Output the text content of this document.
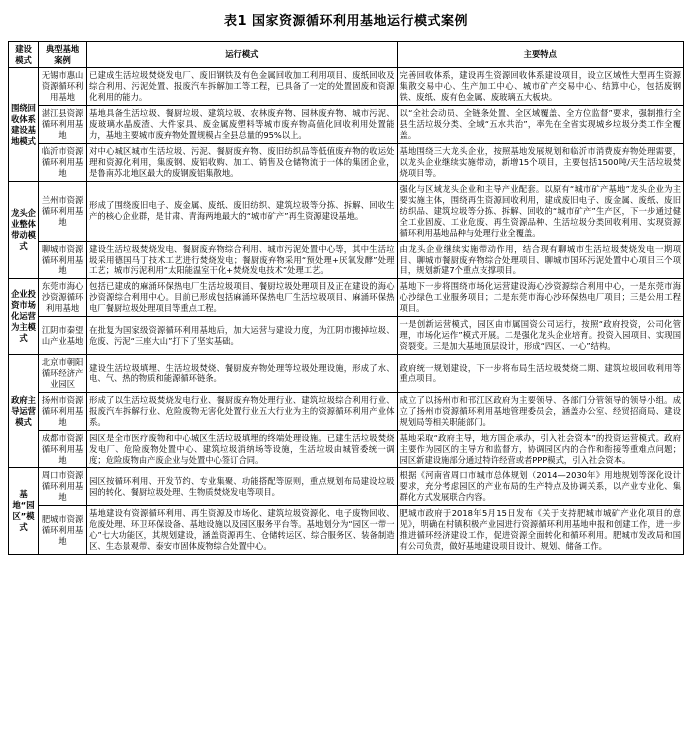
表1 国家资源循环利用基地运行模式案例
建设
模式	典型基地
案例	运行模式	主要特点
围绕回收体系建设基地模式	无锡市惠山资源循环利用基地	已建成生活垃圾焚烧发电厂、废旧钢铁及有色金属回收加工利用项目、废纸回收及综合利用、污泥处置、报废汽车拆解加工等工程，已具备了一定的处置固废和资源化利用的能力。	完善回收体系，建设再生资源回收体系建设项目，设立区域性大型再生资源集散交易中心、生产加工中心、城市矿产交易中心、结算中心，包括废钢铁、废纸、废有色金属、废玻璃五大板块。
	湛江县资源循环利用基地	基地具备生活垃圾、餐厨垃圾、建筑垃圾、农林废弃物、园林废弃物、城市污泥、废玻璃水晶废渣、大件家具、废金属废塑料等城市废弃物高值化回收利用处置能力，基地主要城市废弃物处置规模占全县总量的95%以上。	以“全社会动员、全链条处置、全区域覆盖、全方位监督”要求，强制推行全县生活垃圾分类、全域“五水共治”，率先在全省实现城乡垃圾分类工作全覆盖。
	临沂市资源循环利用基地	对中心城区城市生活垃圾、污泥、餐厨废弃物、废旧纺织品等低值废弃物的收运处理和资源化利用，集废钢、废铝收购、加工、销售及仓储物流于一体的集团企业，是鲁南苏北地区最大的废钢废铝集散地。	基地围绕三大龙头企业，按照基地发展规划和临沂市消费废弃物处理需要，以龙头企业继续实施带动，新增15个项目，主要包括1500吨/天生活垃圾焚烧项目等。
龙头企业整体带动模式	兰州市资源循环利用基地	形成了围绕废旧电子、废金属、废纸、废旧纺织、建筑垃圾等分拣、拆解、回收生产的核心企业群，是甘肃、青海两地最大的“城市矿产”再生资源建设基地。	强化与区域龙头企业和主导产业配套。以原有“城市矿产基地”龙头企业为主要实施主体，围绕再生资源回收利用，建成废旧电子、废金属、废纸、废旧纺织品、建筑垃圾等分拣、拆解、回收的“城市矿产”生产区，下一步通过健全工业固废、工业危废、再生资源品种、生活垃圾分类回收利用、实现资源循环利用基地品种与处理行业全覆盖。
	聊城市资源循环利用基地	建设生活垃圾焚烧发电、餐厨废弃物综合利用、城市污泥处置中心等，其中生活垃圾采用德国马丁技术工艺进行焚烧发电；餐厨废弃物采用“预处理+厌氧发酵”处理工艺；城市污泥利用“太阳能温室干化+焚烧发电技术”处理工艺。	由龙头企业继续实施带动作用，结合现有聊城市生活垃圾焚烧发电一期项目、聊城市餐厨废弃物综合处理项目、聊城市国环污泥处置中心项目三个项目，规划新建7个重点支撑项目。
企业投资市场化运营为主模式	东莞市海心沙资源循环利用基地	包括已建成的麻涌环保热电厂生活垃圾项目、餐厨垃圾处理项目及正在建设的海心沙资源综合利用中心。目前已形成包括麻涌环保热电厂生活垃圾项目、麻涌环保热电厂餐厨垃圾处理项目等重点工程。	基地下一步将围绕市场化运营建设海心沙资源综合利用中心，一是东莞市海心沙绿色工业服务项目；二是东莞市海心沙环保热电厂项目；三是公用工程项目。
	江阴市秦望山产业基地	在批复为国家级资源循环利用基地后，加大运营与建设力度，为江阴市搬掉垃圾、危废、污泥“三座大山”打下了坚实基础。	一是创新运营模式，园区由市属国资公司运行，按照“政府投资，公司化管理，市场化运作”模式开展。二是强化龙头企业培育。投资入园项目、实现国资裂变。三是加大基地顶层设计，形成“四区、一心”结构。
政府主导运营模式	北京市朝阳循环经济产业园区	建设生活垃圾填埋、生活垃圾焚烧、餐厨废弃物处理等垃圾处理设施，形成了水、电、气、热的物质和能源循环链条。	政府统一规划建设，下一步将布局生活垃圾焚烧二期、建筑垃圾回收利用等重点项目。
	扬州市资源循环利用基地	形成了以生活垃圾焚烧发电行业、餐厨废弃物处理行业、建筑垃圾综合利用行业、报废汽车拆解行业、危险废物无害化处置行业五大行业为主的资源循环利用产业体系。	成立了以扬州市和邗江区政府为主要领导、各部门分管领导的领导小组。成立了扬州市资源循环利用基地管理委员会，涵盖办公室、经贸招商局、建设规划局等相关职能部门。
	成都市资源循环利用基地	园区是全市医疗废物和中心城区生活垃圾填埋的终端处理设施。已建生活垃圾焚烧发电厂、危险废物处置中心、建筑垃圾消纳场等设施，生活垃圾由城管委统一调度；危险废物由产废企业与处置中心签订合同。	基地采取“政府主导，地方国企承办，引入社会资本”的投资运营模式。政府主要作为园区的主导方和监督方，协调园区内的合作和衔接等重难点问题；园区新建设施部分通过特许经营或者PPP模式，引入社会资本。
基地“园区”模式	周口市资源循环利用基地	园区按循环利用、开发节约、专业集聚、功能搭配等原则，重点规划布局建设垃圾园的转化、餐厨垃圾处理、生物质焚烧发电等项目。	根据《河南省周口市城市总体规划（2014—2030年》用地规划等深化设计要求，充分考虑园区的产业布局的生产特点及协调关系，以产业专业化、集群化方式发展联合内容。
	肥城市资源循环利用基地	基地建设有资源循环利用、再生资源及市场化、建筑垃圾资源化、电子废物回收、危废处理、环卫环保设备、基地设施以及园区服务平台等。基地划分为“园区一带一心”七大功能区，其规划建设，涵盖资源再生、仓储转运区、综合服务区、装备制造区、生态景观带、泰安市固体废物综合处置中心。	肥城市政府于2018年5月15日发布《关于支持肥城市城矿产业化项目的意见》，明确在村镇积极产业园进行资源循环利用基地申报和创建工作，进一步推进循环经济建设工作，促进资源全面转化和循环利用。肥城市发改局和国有公司负责，做好基地建设项目设计、规划、储备工作。
